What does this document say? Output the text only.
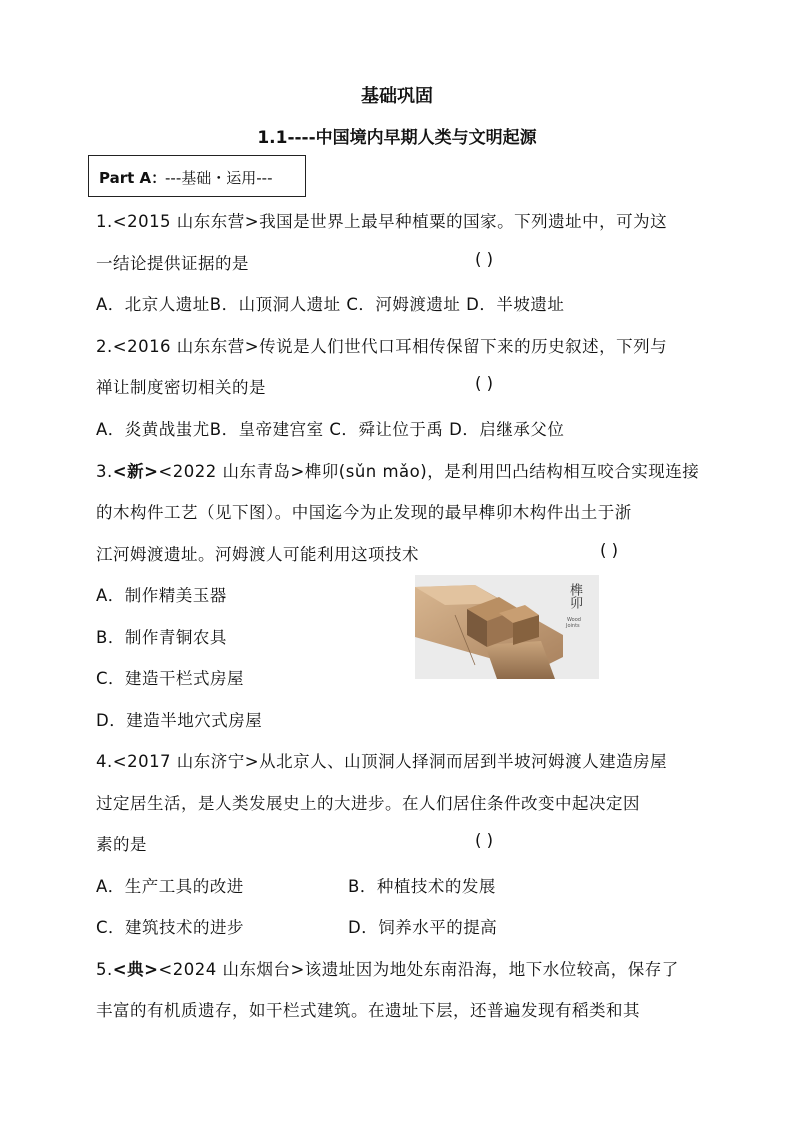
基础巩固
1.1----中国境内早期人类与文明起源
Part A：
---基础・运用---
1.<2015 山东东营>我国是世界上最早种植粟的国家。下列遗址中，可为这
一结论提供证据的是	( )
A．北京人遗址B．山顶洞人遗址 C．河姆渡遗址 D．半坡遗址
2.<2016 山东东营>传说是人们世代口耳相传保留下来的历史叙述，下列与
禅让制度密切相关的是	( )
A．炎黄战蚩尤B．皇帝建宫室 C．舜让位于禹 D．启继承父位
3.<新><2022 山东青岛>榫卯(sǔn mǎo)，是利用凹凸结构相互咬合实现连接
的木构件工艺（见下图）。中国迄今为止发现的最早榫卯木构件出土于浙
江河姆渡遗址。河姆渡人可能利用这项技术	( )
A．制作精美玉器
B．制作青铜农具
C．建造干栏式房屋
D．建造半地穴式房屋
榫卯
Wood
Joints
4.<2017 山东济宁>从北京人、山顶洞人择洞而居到半坡河姆渡人建造房屋
过定居生活，是人类发展史上的大进步。在人们居住条件改变中起决定因
素的是	( )
A．生产工具的改进	B．种植技术的发展
C．建筑技术的进步	D．饲养水平的提高
5.<典><2024 山东烟台>该遗址因为地处东南沿海，地下水位较高，保存了
丰富的有机质遗存，如干栏式建筑。在遗址下层，还普遍发现有稻类和其
